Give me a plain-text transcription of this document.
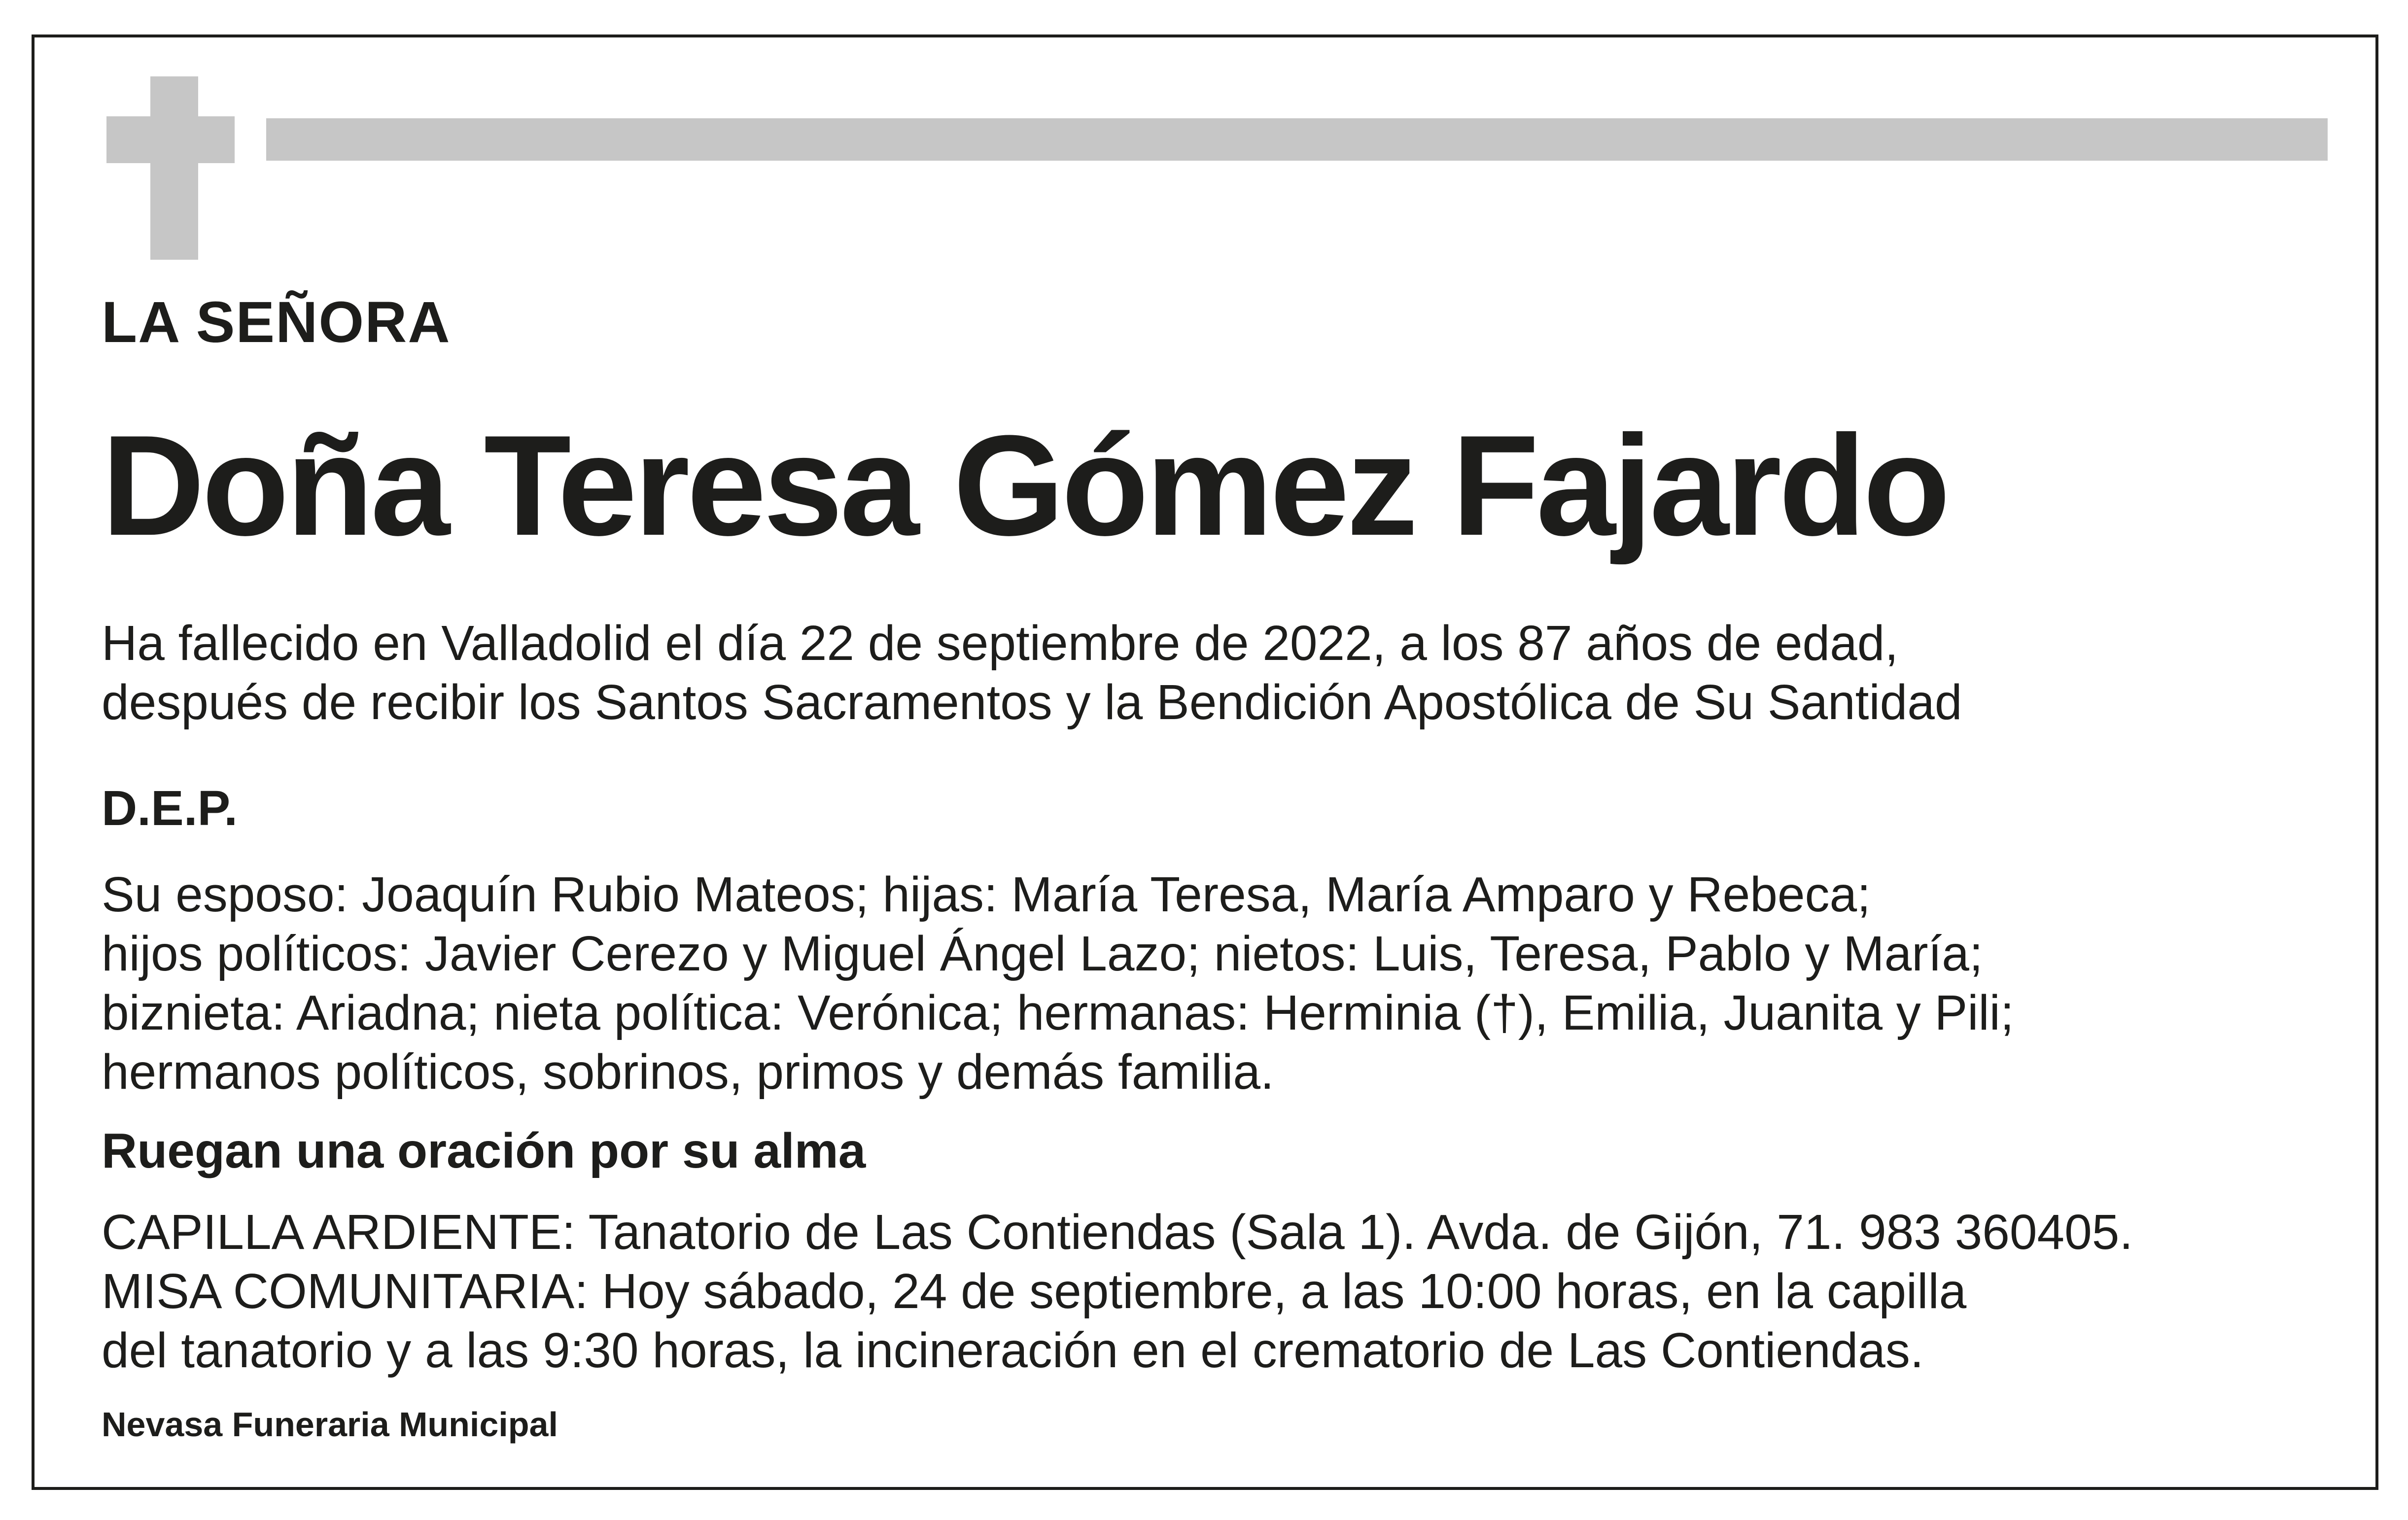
LA SEÑORA

Doña Teresa Gómez Fajardo

Ha fallecido en Valladolid el día 22 de septiembre de 2022, a los 87 años de edad,

después de recibir los Santos Sacramentos y la Bendición Apostólica de Su Santidad

D.E.P.

Su esposo: Joaquín Rubio Mateos; hijas: María Teresa, María Amparo y Rebeca;

hijos políticos: Javier Cerezo y Miguel Ángel Lazo; nietos: Luis, Teresa, Pablo y María;

biznieta: Ariadna; nieta política: Verónica; hermanas: Herminia (†), Emilia, Juanita y Pili;

hermanos políticos, sobrinos, primos y demás familia.

Ruegan una oración por su alma

CAPILLA ARDIENTE: Tanatorio de Las Contiendas (Sala 1). Avda. de Gijón, 71. 983 360405.

MISA COMUNITARIA: Hoy sábado, 24 de septiembre, a las 10:00 horas, en la capilla

del tanatorio y a las 9:30 horas, la incineración en el crematorio de Las Contiendas.

Nevasa Funeraria Municipal
